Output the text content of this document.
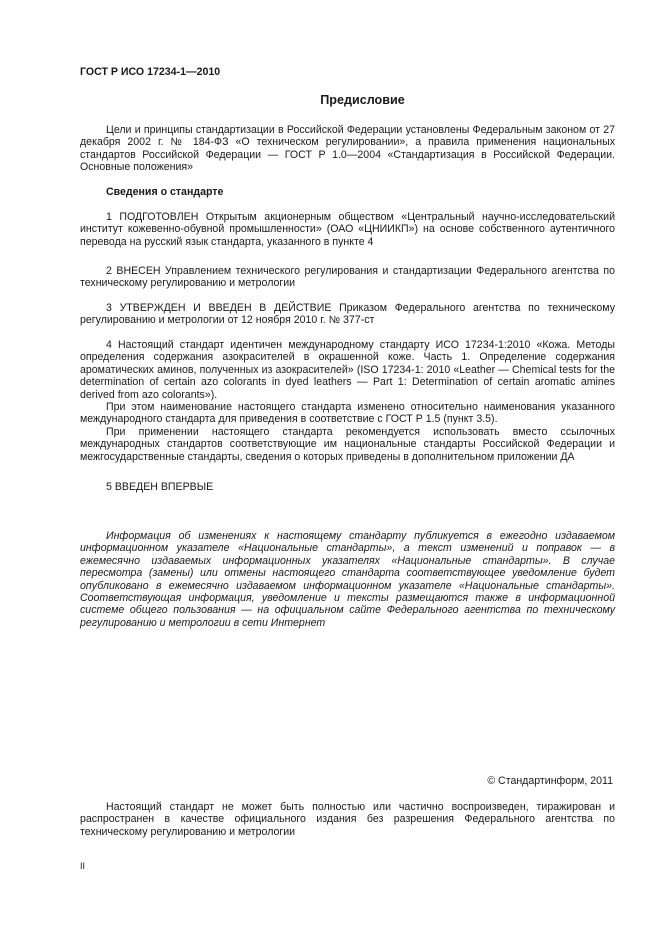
ГОСТ Р ИСО 17234-1—2010
Предисловие

Цели и принципы стандартизации в Российской Федерации установлены Федеральным законом от 27 декабря 2002 г. № 184-ФЗ «О техническом регулировании», а правила применения национальных стандартов Российской Федерации — ГОСТ Р 1.0—2004 «Стандартизация в Российской Федерации. Основные положения»

Сведения о стандарте

1 ПОДГОТОВЛЕН Открытым акционерным обществом «Центральный научно-исследовательский институт кожевенно-обувной промышленности» (ОАО «ЦНИИКП») на основе собственного аутентичного перевода на русский язык стандарта, указанного в пункте 4

2 ВНЕСЕН Управлением технического регулирования и стандартизации Федерального агентства по техническому регулированию и метрологии

3 УТВЕРЖДЕН И ВВЕДЕН В ДЕЙСТВИЕ Приказом Федерального агентства по техническому регулированию и метрологии от 12 ноября 2010 г. № 377-ст

4 Настоящий стандарт идентичен международному стандарту ИСО 17234-1:2010 «Кожа. Методы определения содержания азокрасителей в окрашенной коже. Часть 1. Определение содержания ароматических аминов, полученных из азокрасителей» (ISO 17234-1: 2010 «Leather — Chemical tests for the determination of certain azo colorants in dyed leathers — Part 1: Determination of certain aromatic amines derived from azo colorants»).

При этом наименование настоящего стандарта изменено относительно наименования указанного международного стандарта для приведения в соответствие с ГОСТ Р 1.5 (пункт 3.5).

При применении настоящего стандарта рекомендуется использовать вместо ссылочных международных стандартов соответствующие им национальные стандарты Российской Федерации и межгосударственные стандарты, сведения о которых приведены в дополнительном приложении ДА

5 ВВЕДЕН ВПЕРВЫЕ

Информация об изменениях к настоящему стандарту публикуется в ежегодно издаваемом информационном указателе «Национальные стандарты», а текст изменений и поправок — в ежемесячно издаваемых информационных указателях «Национальные стандарты». В случае пересмотра (замены) или отмены настоящего стандарта соответствующее уведомление будет опубликовано в ежемесячно издаваемом информационном указателе «Национальные стандарты». Соответствующая информация, уведомление и тексты размещаются также в информационной системе общего пользования — на официальном сайте Федерального агентства по техническому регулированию и метрологии в сети Интернет

© Стандартинформ, 2011

Настоящий стандарт не может быть полностью или частично воспроизведен, тиражирован и распространен в качестве официального издания без разрешения Федерального агентства по техническому регулированию и метрологии

II
